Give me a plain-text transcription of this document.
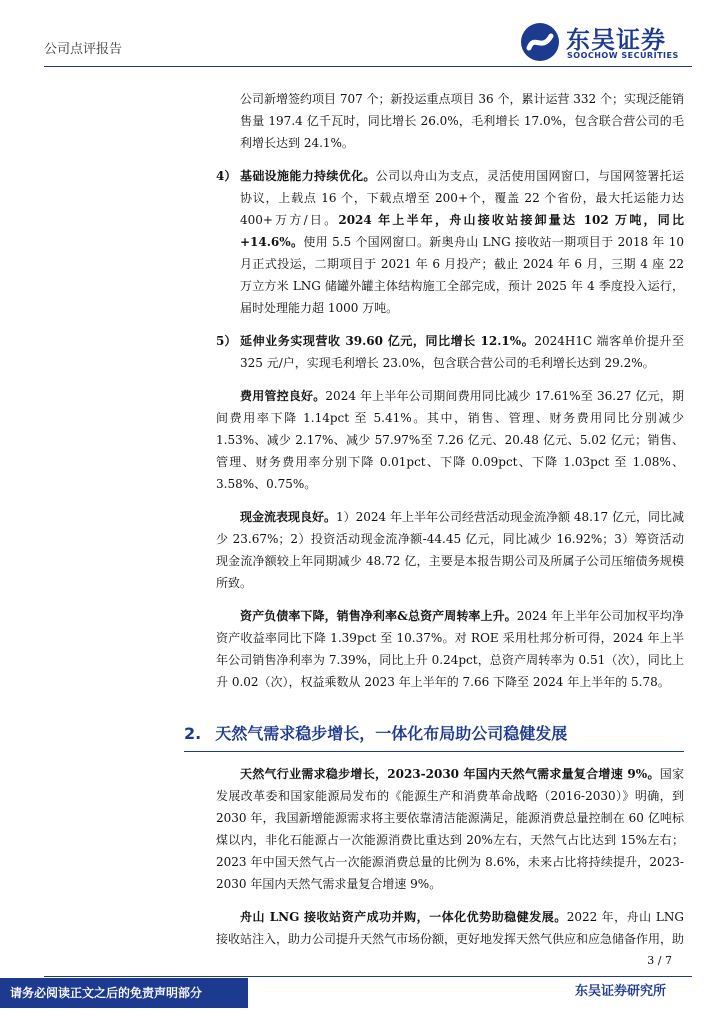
公司点评报告	东吴证券
SOOCHOW SECURITIES

公司新增签约项目 707 个；新投运重点项目 36 个，累计运营 332 个；实现泛能销售量 197.4 亿千瓦时，同比增长 26.0%，毛利增长 17.0%，包含联合营公司的毛利增长达到 24.1%。

4） 基础设施能力持续优化。公司以舟山为支点，灵活使用国网窗口，与国网签署托运协议，上载点 16 个，下载点增至 200+个，覆盖 22 个省份，最大托运能力达 400+万方/日。2024 年上半年，舟山接收站接卸量达 102 万吨，同比+14.6%。使用 5.5 个国网窗口。新奥舟山 LNG 接收站一期项目于 2018 年 10 月正式投运，二期项目于 2021 年 6 月投产；截止 2024 年 6 月，三期 4 座 22 万立方米 LNG 储罐外罐主体结构施工全部完成，预计 2025 年 4 季度投入运行，届时处理能力超 1000 万吨。

5） 延伸业务实现营收 39.60 亿元，同比增长 12.1%。2024H1C 端客单价提升至 325 元/户，实现毛利增长 23.0%，包含联合营公司的毛利增长达到 29.2%。

费用管控良好。2024 年上半年公司期间费用同比减少 17.61%至 36.27 亿元，期间费用率下降 1.14pct 至 5.41%。其中，销售、管理、财务费用同比分别减少 1.53%、减少 2.17%、减少 57.97%至 7.26 亿元、20.48 亿元、5.02 亿元；销售、管理、财务费用率分别下降 0.01pct、下降 0.09pct、下降 1.03pct 至 1.08%、3.58%、0.75%。

现金流表现良好。1）2024 年上半年公司经营活动现金流净额 48.17 亿元，同比减少 23.67%；2）投资活动现金流净额-44.45 亿元，同比减少 16.92%；3）筹资活动现金流净额较上年同期减少 48.72 亿，主要是本报告期公司及所属子公司压缩债务规模所致。

资产负债率下降，销售净利率&总资产周转率上升。2024 年上半年公司加权平均净资产收益率同比下降 1.39pct 至 10.37%。对 ROE 采用杜邦分析可得，2024 年上半年公司销售净利率为 7.39%，同比上升 0.24pct，总资产周转率为 0.51（次），同比上升 0.02（次），权益乘数从 2023 年上半年的 7.66 下降至 2024 年上半年的 5.78。

2. 天然气需求稳步增长，一体化布局助公司稳健发展

天然气行业需求稳步增长，2023-2030 年国内天然气需求量复合增速 9%。国家发展改革委和国家能源局发布的《能源生产和消费革命战略（2016-2030）》明确，到 2030 年，我国新增能源需求将主要依靠清洁能源满足，能源消费总量控制在 60 亿吨标煤以内，非化石能源占一次能源消费比重达到 20%左右，天然气占比达到 15%左右；2023 年中国天然气占一次能源消费总量的比例为 8.6%，未来占比将持续提升，2023-2030 年国内天然气需求量复合增速 9%。

舟山 LNG 接收站资产成功并购，一体化优势助稳健发展。2022 年，舟山 LNG 接收站注入，助力公司提升天然气市场份额，更好地发挥天然气供应和应急储备作用，助

3 / 7
请务必阅读正文之后的免责声明部分	东吴证券研究所
